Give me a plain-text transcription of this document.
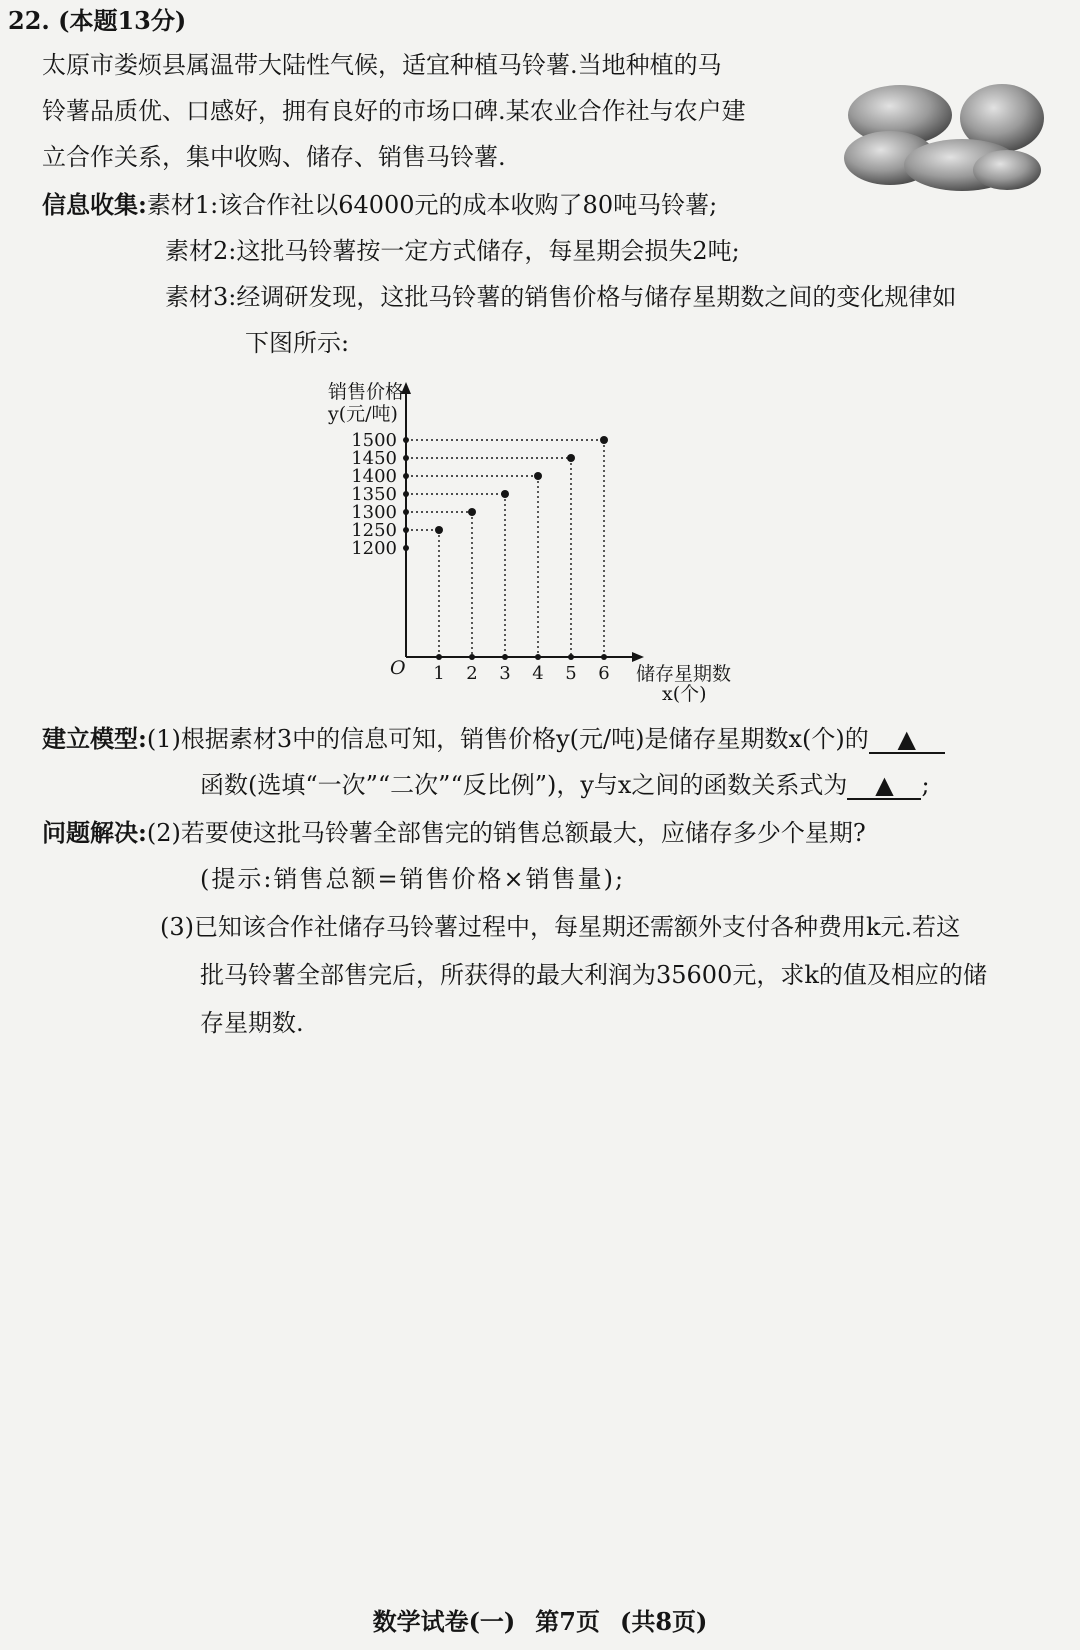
22. (本题13分)
太原市娄烦县属温带大陆性气候，适宜种植马铃薯.当地种植的马
铃薯品质优、口感好，拥有良好的市场口碑.某农业合作社与农户建
立合作关系，集中收购、储存、销售马铃薯.
信息收集:素材1:该合作社以64000元的成本收购了80吨马铃薯;
素材2:这批马铃薯按一定方式储存，每星期会损失2吨;
素材3:经调研发现，这批马铃薯的销售价格与储存星期数之间的变化规律如
下图所示:
销售价格
y(元/吨)
储存星期数
x(个)
O
1500
1450
1400
1350
1300
1250
1200
1 2 3 4 5 6
建立模型:(1)根据素材3中的信息可知，销售价格y(元/吨)是储存星期数x(个)的 ▲
函数(选填“一次”“二次”“反比例”)，y与x之间的函数关系式为 ▲ ;
问题解决:(2)若要使这批马铃薯全部售完的销售总额最大，应储存多少个星期?
(提示:销售总额=销售价格×销售量);
(3)已知该合作社储存马铃薯过程中，每星期还需额外支付各种费用k元.若这
批马铃薯全部售完后，所获得的最大利润为35600元，求k的值及相应的储
存星期数.
数学试卷(一) 第7页 (共8页)
